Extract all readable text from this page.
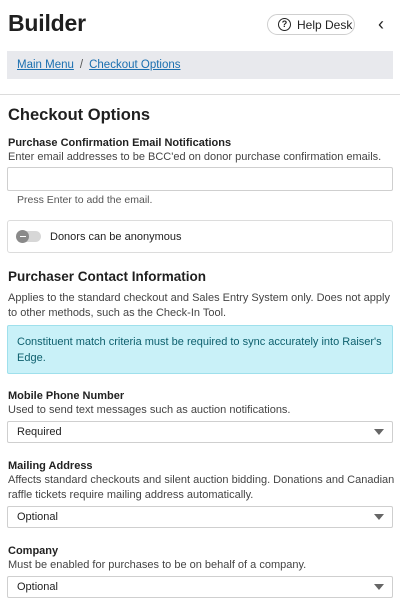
Builder	? Help Desk ‹
Main Menu / Checkout Options
Checkout Options
Purchase Confirmation Email Notifications
Enter email addresses to be BCC'ed on donor purchase confirmation emails.
Press Enter to add the email.
Donors can be anonymous
Purchaser Contact Information
Applies to the standard checkout and Sales Entry System only. Does not apply to other methods, such as the Check-In Tool.
Constituent match criteria must be required to sync accurately into Raiser's Edge.
Mobile Phone Number
Used to send text messages such as auction notifications.
Required
Mailing Address
Affects standard checkouts and silent auction bidding. Donations and Canadian raffle tickets require mailing address automatically.
Optional
Company
Must be enabled for purchases to be on behalf of a company.
Optional
